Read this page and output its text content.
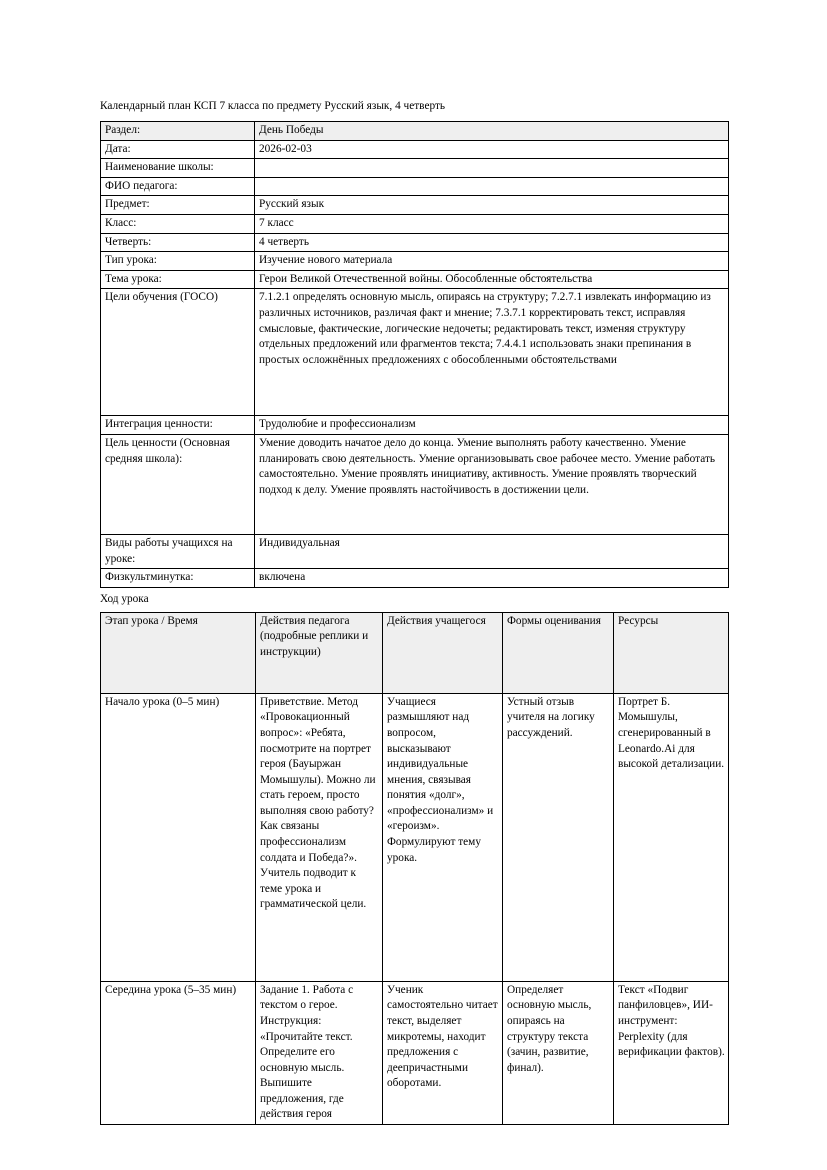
Календарный план КСП 7 класса по предмету Русский язык, 4 четверть

Раздел:	День Победы
Дата:	2026-02-03
Наименование школы:	
ФИО педагога:	
Предмет:	Русский язык
Класс:	7 класс
Четверть:	4 четверть
Тип урока:	Изучение нового материала
Тема урока:	Герои Великой Отечественной войны. Обособленные обстоятельства
Цели обучения (ГОСО)	7.1.2.1 определять основную мысль, опираясь на структуру; 7.2.7.1 извлекать информацию из различных источников, различая факт и мнение; 7.3.7.1 корректировать текст, исправляя смысловые, фактические, логические недочеты; редактировать текст, изменяя структуру отдельных предложений или фрагментов текста; 7.4.4.1 использовать знаки препинания в простых осложнённых предложениях с обособленными обстоятельствами
Интеграция ценности:	Трудолюбие и профессионализм
Цель ценности (Основная средняя школа):	Умение доводить начатое дело до конца. Умение выполнять работу качественно. Умение планировать свою деятельность. Умение организовывать свое рабочее место. Умение работать самостоятельно. Умение проявлять инициативу, активность. Умение проявлять творческий подход к делу. Умение проявлять настойчивость в достижении цели.
Виды работы учащихся на уроке:	Индивидуальная
Физкультминутка:	включена

Ход урока

Этап урока / Время	Действия педагога (подробные реплики и инструкции)	Действия учащегося	Формы оценивания	Ресурсы
Начало урока (0–5 мин)	Приветствие. Метод «Провокационный вопрос»: «Ребята, посмотрите на портрет героя (Бауыржан Момышулы). Можно ли стать героем, просто выполняя свою работу? Как связаны профессионализм солдата и Победа?». Учитель подводит к теме урока и грамматической цели.	Учащиеся размышляют над вопросом, высказывают индивидуальные мнения, связывая понятия «долг», «профессионализм» и «героизм». Формулируют тему урока.	Устный отзыв учителя на логику рассуждений.	Портрет Б. Момышулы, сгенерированный в Leonardo.Ai для высокой детализации.
Середина урока (5–35 мин)	Задание 1. Работа с текстом о герое. Инструкция: «Прочитайте текст. Определите его основную мысль. Выпишите предложения, где действия героя	Ученик самостоятельно читает текст, выделяет микротемы, находит предложения с деепричастными оборотами.	Определяет основную мысль, опираясь на структуру текста (зачин, развитие, финал).	Текст «Подвиг панфиловцев», ИИ-инструмент: Perplexity (для верификации фактов).
